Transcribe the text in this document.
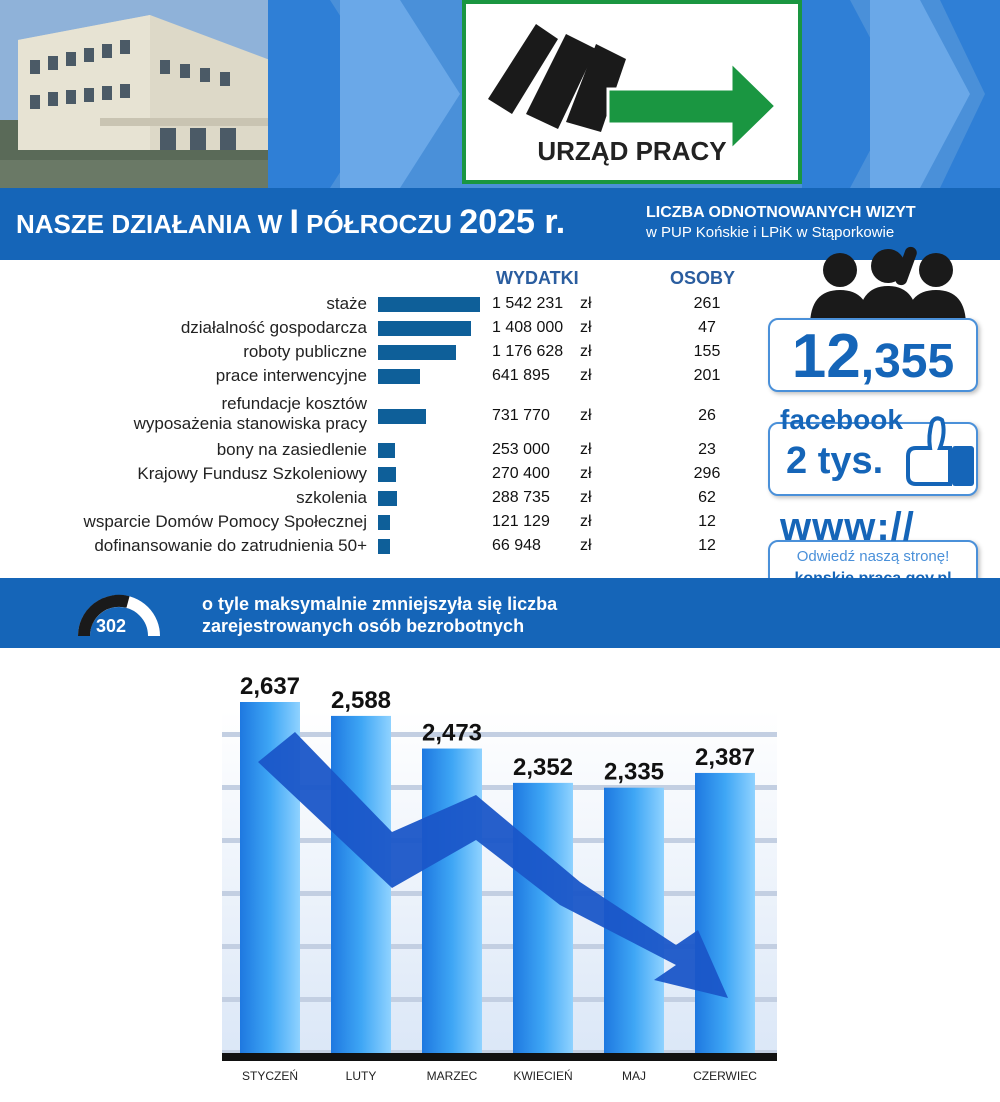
URZĄD PRACY
NASZE DZIAŁANIA W I PÓŁROCZU 2025 r.	LICZBA ODNOTNOWANYCH WIZYT
w PUP Końskie i LPiK w Stąporkowie
WYDATKI	OSOBY
staże	1 542 231	zł	261
działalność gospodarcza	1 408 000	zł	47
roboty publiczne	1 176 628	zł	155
prace interwencyjne	641 895	zł	201
refundacje kosztów
wyposażenia stanowiska pracy	731 770	zł	26
bony na zasiedlenie	253 000	zł	23
Krajowy Fundusz Szkoleniowy	270 400	zł	296
szkolenia	288 735	zł	62
wsparcie Domów Pomocy Społecznej	121 129	zł	12
dofinansowanie do zatrudnienia 50+	66 948	zł	12
12,355
facebook
2 tys.
www://
Odwiedź naszą stronę!
302
o tyle maksymalnie zmniejszyła się liczba
zarejestrowanych osób bezrobotnych
2,637
2,588
2,473
2,352 2,335
2,387
STYCZEŃ	LUTY	MARZEC	KWIECIEŃ	MAJ	CZERWIEC
